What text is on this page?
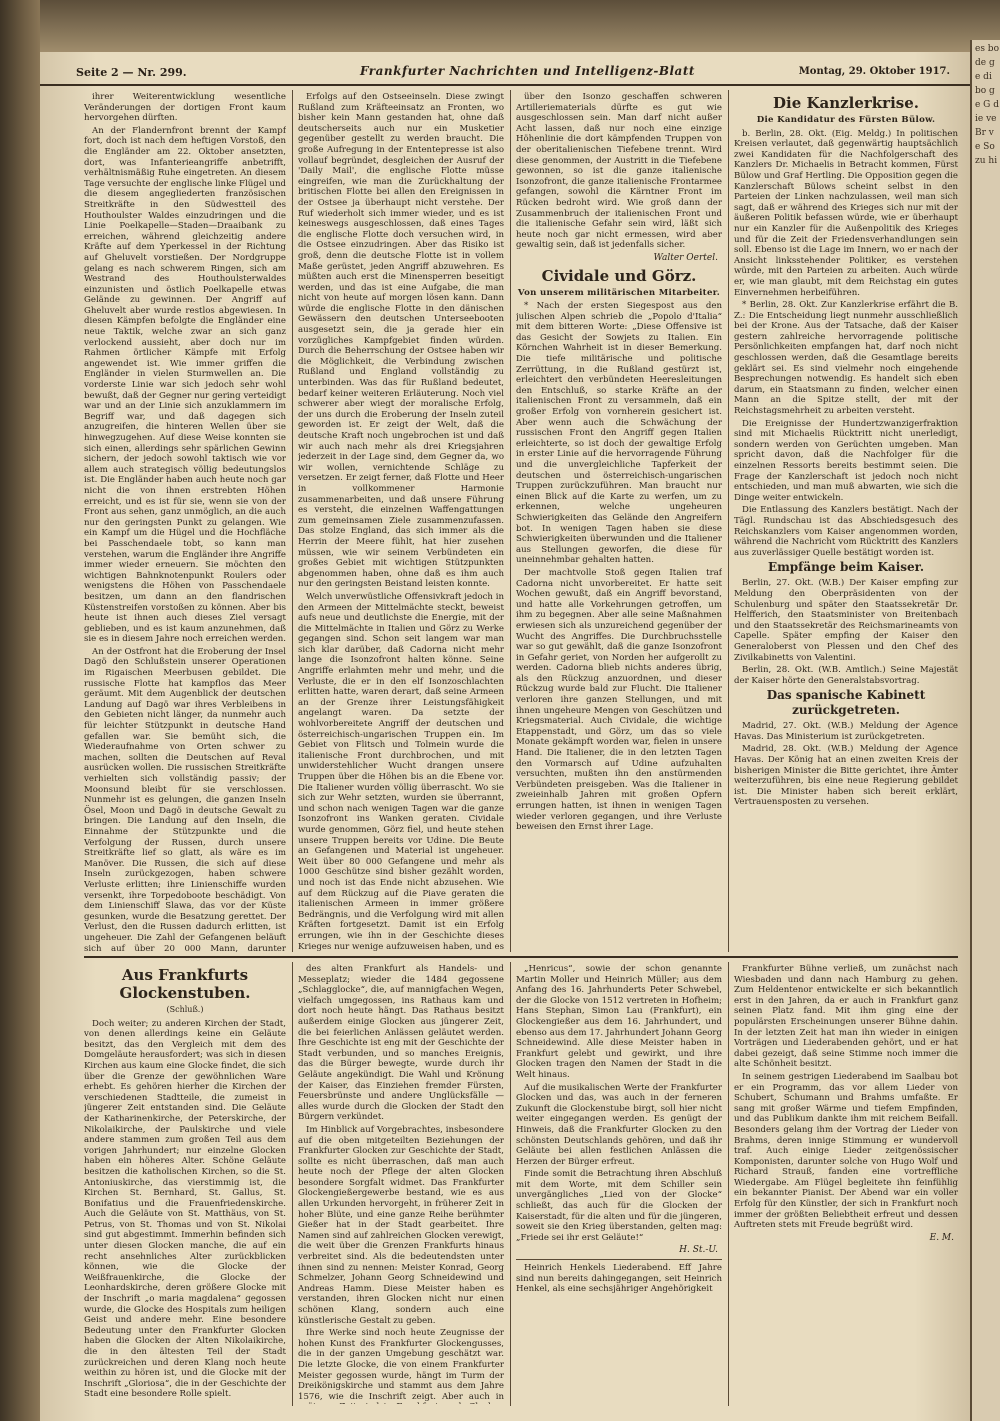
es bo de ge di bo ge G die ve Br ve So zu hi
Seite 2 — Nr. 299.	Frankfurter Nachrichten und Intelligenz-Blatt	Montag, 29. Oktober 1917.

ihrer Weiterentwicklung wesentliche Veränderungen der dortigen Front kaum hervorgehen dürften.

An der Flandernfront brennt der Kampf fort, doch ist nach dem heftigen Vorstoß, den die Engländer am 22. Oktober ansetzten, dort, was Infanterieangriffe anbetrifft, verhältnismäßig Ruhe eingetreten. An diesem Tage versuchte der englische linke Flügel und die diesem angegliederten französischen Streitkräfte in den Südwestteil des Houthoulster Waldes einzudringen und die Linie Poelkapelle—Staden—Draaibank zu erreichen, während gleichzeitig andere Kräfte auf dem Yperkessel in der Richtung auf Gheluvelt vorstießen. Der Nordgruppe gelang es nach schwerem Ringen, sich am Westrand des Houthoulsterwaldes einzunisten und östlich Poelkapelle etwas Gelände zu gewinnen. Der Angriff auf Gheluvelt aber wurde restlos abgewiesen. In diesen Kämpfen befolgte die Engländer eine neue Taktik, welche zwar an sich ganz verlockend aussieht, aber doch nur im Rahmen örtlicher Kämpfe mit Erfolg angewendet ist. Wie immer griffen die Engländer in vielen Sturmwellen an. Die vorderste Linie war sich jedoch sehr wohl bewußt, daß der Gegner nur gering verteidigt war und an der Linie sich anzuklammern im Begriff war, und daß dagegen sich anzugreifen, die hinteren Wellen über sie hinwegzugehen. Auf diese Weise konnten sie sich einen, allerdings sehr spärlichen Gewinn sichern, der jedoch sowohl taktisch wie vor allem auch strategisch völlig bedeutungslos ist. Die Engländer haben auch heute noch gar nicht die von ihnen erstrebten Höhen erreicht, und es ist für sie, wenn sie von der Front aus sehen, ganz unmöglich, an die auch nur den geringsten Punkt zu gelangen. Wie ein Kampf um die Hügel und die Hochfläche bei Passchendaele tobt, so kann man verstehen, warum die Engländer ihre Angriffe immer wieder erneuern. Sie möchten den wichtigen Bahnknotenpunkt Roulers oder wenigstens die Höhen von Passchendaele besitzen, um dann an den flandrischen Küstenstreifen vorstoßen zu können. Aber bis heute ist ihnen auch dieses Ziel versagt geblieben, und es ist kaum anzunehmen, daß sie es in diesem Jahre noch erreichen werden.

An der Ostfront hat die Eroberung der Insel Dagö den Schlußstein unserer Operationen im Rigaischen Meerbusen gebildet. Die russische Flotte hat kampflos das Meer geräumt. Mit dem Augenblick der deutschen Landung auf Dagö war ihres Verbleibens in den Gebieten nicht länger, da nunmehr auch für leichter Stützpunkt in deutsche Hand gefallen war. Sie bemüht sich, die Wiederaufnahme von Orten schwer zu machen, sollten die Deutschen auf Reval ausrücken wollen. Die russischen Streitkräfte verhielten sich vollständig passiv; der Moonsund bleibt für sie verschlossen. Nunmehr ist es gelungen, die ganzen Inseln Ösel, Moon und Dagö in deutsche Gewalt zu bringen. Die Landung auf den Inseln, die Einnahme der Stützpunkte und die Verfolgung der Russen, durch unsere Streitkräfte lief so glatt, als wäre es im Manöver. Die Russen, die sich auf diese Inseln zurückgezogen, haben schwere Verluste erlitten; ihre Linienschiffe wurden versenkt, ihre Torpedoboote beschädigt. Von dem Linienschiff Slawa, das vor der Küste gesunken, wurde die Besatzung gerettet. Der Verlust, den die Russen dadurch erlitten, ist ungeheuer. Die Zahl der Gefangenen beläuft sich auf über 20 000 Mann, darunter

Erfolgs auf den Ostseeinseln. Diese zwingt Rußland zum Kräfteeinsatz an Fronten, wo bisher kein Mann gestanden hat, ohne daß deutscherseits auch nur ein Musketier gegenüber gestellt zu werden braucht. Die große Aufregung in der Ententepresse ist also vollauf begründet, desgleichen der Ausruf der 'Daily Mail', die englische Flotte müsse eingreifen, wie man die Zurückhaltung der britischen Flotte bei allen den Ereignissen in der Ostsee ja überhaupt nicht verstehe. Der Ruf wiederholt sich immer wieder, und es ist keineswegs ausgeschlossen, daß eines Tages die englische Flotte doch versuchen wird, in die Ostsee einzudringen. Aber das Risiko ist groß, denn die deutsche Flotte ist in vollem Maße gerüstet, jeden Angriff abzuwehren. Es müßten auch erst die Minensperren beseitigt werden, und das ist eine Aufgabe, die man nicht von heute auf morgen lösen kann. Dann würde die englische Flotte in den dänischen Gewässern den deutschen Unterseebooten ausgesetzt sein, die ja gerade hier ein vorzügliches Kampfgebiet finden würden. Durch die Beherrschung der Ostsee haben wir die Möglichkeit, die Verbindung zwischen Rußland und England vollständig zu unterbinden. Was das für Rußland bedeutet, bedarf keiner weiteren Erläuterung. Noch viel schwerer aber wiegt der moralische Erfolg, der uns durch die Eroberung der Inseln zuteil geworden ist. Er zeigt der Welt, daß die deutsche Kraft noch ungebrochen ist und daß wir auch nach mehr als drei Kriegsjahren jederzeit in der Lage sind, dem Gegner da, wo wir wollen, vernichtende Schläge zu versetzen. Er zeigt ferner, daß Flotte und Heer in vollkommener Harmonie zusammenarbeiten, und daß unsere Führung es versteht, die einzelnen Waffengattungen zum gemeinsamen Ziele zusammenzufassen. Das stolze England, das sich immer als die Herrin der Meere fühlt, hat hier zusehen müssen, wie wir seinem Verbündeten ein großes Gebiet mit wichtigen Stützpunkten abgenommen haben, ohne daß es ihm auch nur den geringsten Beistand leisten konnte.

Welch unverwüstliche Offensivkraft jedoch in den Armeen der Mittelmächte steckt, beweist aufs neue und deutlichste die Energie, mit der die Mittelmächte in Italien und Görz zu Werke gegangen sind. Schon seit langem war man sich klar darüber, daß Cadorna nicht mehr lange die Isonzofront halten könne. Seine Angriffe erlahmten mehr und mehr, und die Verluste, die er in den elf Isonzoschlachten erlitten hatte, waren derart, daß seine Armeen an der Grenze ihrer Leistungsfähigkeit angelangt waren. Da setzte der wohlvorbereitete Angriff der deutschen und österreichisch-ungarischen Truppen ein. Im Gebiet von Flitsch und Tolmein wurde die italienische Front durchbrochen, und mit unwiderstehlicher Wucht drangen unsere Truppen über die Höhen bis an die Ebene vor. Die Italiener wurden völlig überrascht. Wo sie sich zur Wehr setzten, wurden sie überrannt, und schon nach wenigen Tagen war die ganze Isonzofront ins Wanken geraten. Cividale wurde genommen, Görz fiel, und heute stehen unsere Truppen bereits vor Udine. Die Beute an Gefangenen und Material ist ungeheuer. Weit über 80 000 Gefangene und mehr als 1000 Geschütze sind bisher gezählt worden, und noch ist das Ende nicht abzusehen. Wie auf dem Rückzug auf die Piave geraten die italienischen Armeen in immer größere Bedrängnis, und die Verfolgung wird mit allen Kräften fortgesetzt. Damit ist ein Erfolg errungen, wie ihn in der Geschichte dieses Krieges nur wenige aufzuweisen haben, und es

über den Isonzo geschaffen schweren Artilleriematerials dürfte es gut wie ausgeschlossen sein. Man darf nicht außer Acht lassen, daß nur noch eine einzige Höhenlinie die dort kämpfenden Truppen von der oberitalienischen Tiefebene trennt. Wird diese genommen, der Austritt in die Tiefebene gewonnen, so ist die ganze italienische Isonzofront, die ganze italienische Frontarmee gefangen, sowohl die Kärntner Front im Rücken bedroht wird. Wie groß dann der Zusammenbruch der italienischen Front und die italienische Gefahr sein wird, läßt sich heute noch gar nicht ermessen, wird aber gewaltig sein, daß ist jedenfalls sicher.

Walter Oertel.
Cividale und Görz.
Von unserem militärischen Mitarbeiter.

* Nach der ersten Siegespost aus den julischen Alpen schrieb die „Popolo d'Italia“ mit dem bitteren Worte: „Diese Offensive ist das Gesicht der Sowjets zu Italien. Ein Körnchen Wahrheit ist in dieser Bemerkung. Die tiefe militärische und politische Zerrüttung, in die Rußland gestürzt ist, erleichtert den verbündeten Heeresleitungen den Entschluß, so starke Kräfte an der italienischen Front zu versammeln, daß ein großer Erfolg von vornherein gesichert ist. Aber wenn auch die Schwächung der russischen Front den Angriff gegen Italien erleichterte, so ist doch der gewaltige Erfolg in erster Linie auf die hervorragende Führung und die unvergleichliche Tapferkeit der deutschen und österreichisch-ungarischen Truppen zurückzuführen. Man braucht nur einen Blick auf die Karte zu werfen, um zu erkennen, welche ungeheuren Schwierigkeiten das Gelände den Angreifern bot. In wenigen Tagen haben sie diese Schwierigkeiten überwunden und die Italiener aus Stellungen geworfen, die diese für uneinnehmbar gehalten hatten.

Der machtvolle Stoß gegen Italien traf Cadorna nicht unvorbereitet. Er hatte seit Wochen gewußt, daß ein Angriff bevorstand, und hatte alle Vorkehrungen getroffen, um ihm zu begegnen. Aber alle seine Maßnahmen erwiesen sich als unzureichend gegenüber der Wucht des Angriffes. Die Durchbruchsstelle war so gut gewählt, daß die ganze Isonzofront in Gefahr geriet, von Norden her aufgerollt zu werden. Cadorna blieb nichts anderes übrig, als den Rückzug anzuordnen, und dieser Rückzug wurde bald zur Flucht. Die Italiener verloren ihre ganzen Stellungen, und mit ihnen ungeheure Mengen von Geschützen und Kriegsmaterial. Auch Cividale, die wichtige Etappenstadt, und Görz, um das so viele Monate gekämpft worden war, fielen in unsere Hand. Die Italiener, die in den letzten Tagen den Vormarsch auf Udine aufzuhalten versuchten, mußten ihn den anstürmenden Verbündeten preisgeben. Was die Italiener in zweieinhalb Jahren mit großen Opfern errungen hatten, ist ihnen in wenigen Tagen wieder verloren gegangen, und ihre Verluste beweisen den Ernst ihrer Lage.

Die Kanzlerkrise.
Die Kandidatur des Fürsten Bülow.

b. Berlin, 28. Okt. (Eig. Meldg.) In politischen Kreisen verlautet, daß gegenwärtig hauptsächlich zwei Kandidaten für die Nachfolgerschaft des Kanzlers Dr. Michaelis in Betracht kommen, Fürst Bülow und Graf Hertling. Die Opposition gegen die Kanzlerschaft Bülows scheint selbst in den Parteien der Linken nachzulassen, weil man sich sagt, daß er während des Krieges sich nur mit der äußeren Politik befassen würde, wie er überhaupt nur ein Kanzler für die Außenpolitik des Krieges und für die Zeit der Friedensverhandlungen sein soll. Ebenso ist die Lage im Innern, wo er nach der Ansicht linksstehender Politiker, es verstehen würde, mit den Parteien zu arbeiten. Auch würde er, wie man glaubt, mit dem Reichstag ein gutes Einvernehmen herbeiführen.

* Berlin, 28. Okt. Zur Kanzlerkrise erfährt die B. Z.: Die Entscheidung liegt nunmehr ausschließlich bei der Krone. Aus der Tatsache, daß der Kaiser gestern zahlreiche hervorragende politische Persönlichkeiten empfangen hat, darf noch nicht geschlossen werden, daß die Gesamtlage bereits geklärt sei. Es sind vielmehr noch eingehende Besprechungen notwendig. Es handelt sich eben darum, ein Staatsmann zu finden, welcher einen Mann an die Spitze stellt, der mit der Reichstagsmehrheit zu arbeiten versteht.

Die Ereignisse der Hundertzwanzigerfraktion sind mit Michaelis Rücktritt nicht unerledigt, sondern werden von Gerüchten umgeben. Man spricht davon, daß die Nachfolger für die einzelnen Ressorts bereits bestimmt seien. Die Frage der Kanzlerschaft ist jedoch noch nicht entschieden, und man muß abwarten, wie sich die Dinge weiter entwickeln.

Die Entlassung des Kanzlers bestätigt. Nach der Tägl. Rundschau ist das Abschiedsgesuch des Reichskanzlers vom Kaiser angenommen worden, während die Nachricht vom Rücktritt des Kanzlers aus zuverlässiger Quelle bestätigt worden ist.

Empfänge beim Kaiser.

Berlin, 27. Okt. (W.B.) Der Kaiser empfing zur Meldung den Oberpräsidenten von der Schulenburg und später den Staatssekretär Dr. Helfferich, den Staatsminister von Breitenbach und den Staatssekretär des Reichsmarineamts von Capelle. Später empfing der Kaiser den Generaloberst von Plessen und den Chef des Zivilkabinetts von Valentini.

Berlin, 28. Okt. (W.B. Amtlich.) Seine Majestät der Kaiser hörte den Generalstabsvortrag.

Das spanische Kabinett zurückgetreten.

Madrid, 27. Okt. (W.B.) Meldung der Agence Havas. Das Ministerium ist zurückgetreten.

Madrid, 28. Okt. (W.B.) Meldung der Agence Havas. Der König hat an einen zweiten Kreis der bisherigen Minister die Bitte gerichtet, ihre Ämter weiterzuführen, bis eine neue Regierung gebildet ist. Die Minister haben sich bereit erklärt, Vertrauensposten zu versehen.

Aus Frankfurts Glockenstuben.
(Schluß.)

Doch weiter; zu anderen Kirchen der Stadt, von denen allerdings keine ein Geläute besitzt, das den Vergleich mit dem des Domgeläute herausfordert; was sich in diesen Kirchen aus kaum eine Glocke findet, die sich über die Grenze der gewöhnlichen Ware erhebt. Es gehören hierher die Kirchen der verschiedenen Stadtteile, die zumeist in jüngerer Zeit entstanden sind. Die Geläute der Katharinenkirche, der Peterskirche, der Nikolaikirche, der Paulskirche und viele andere stammen zum großen Teil aus dem vorigen Jahrhundert; nur einzelne Glocken haben ein höheres Alter. Schöne Geläute besitzen die katholischen Kirchen, so die St. Antoniuskirche, das vierstimmig ist, die Kirchen St. Bernhard, St. Gallus, St. Bonifatius und die Frauenfriedenskirche. Auch die Geläute von St. Matthäus, von St. Petrus, von St. Thomas und von St. Nikolai sind gut abgestimmt. Immerhin befinden sich unter diesen Glocken manche, die auf ein recht ansehnliches Alter zurückblicken können, wie die Glocke der Weißfrauenkirche, die Glocke der Leonhardskirche, deren größere Glocke mit der Inschrift „o maria magdalena“ gegossen wurde, die Glocke des Hospitals zum heiligen Geist und andere mehr. Eine besondere Bedeutung unter den Frankfurter Glocken haben die Glocken der Alten Nikolaikirche, die in den ältesten Teil der Stadt zurückreichen und deren Klang noch heute weithin zu hören ist, und die Glocke mit der Inschrift „Gloriosa“, die in der Geschichte der Stadt eine besondere Rolle spielt.

des alten Frankfurt als Handels- und Messeplatz; wieder die 1484 gegossene „Schlagglocke“, die, auf mannigfachen Wegen, vielfach umgegossen, ins Rathaus kam und dort noch heute hängt. Das Rathaus besitzt außerdem einige Glocken aus jüngerer Zeit, die bei feierlichen Anlässen geläutet werden. Ihre Geschichte ist eng mit der Geschichte der Stadt verbunden, und so manches Ereignis, das die Bürger bewegte, wurde durch ihr Geläute angekündigt. Die Wahl und Krönung der Kaiser, das Einziehen fremder Fürsten, Feuersbrünste und andere Unglücksfälle — alles wurde durch die Glocken der Stadt den Bürgern verkündet.

Im Hinblick auf Vorgebrachtes, insbesondere auf die oben mitgeteilten Beziehungen der Frankfurter Glocken zur Geschichte der Stadt, sollte es nicht überraschen, daß man auch heute noch der Pflege der alten Glocken besondere Sorgfalt widmet. Das Frankfurter Glockengießergewerbe bestand, wie es aus allen Urkunden hervorgeht, in früherer Zeit in hoher Blüte, und eine ganze Reihe berühmter Gießer hat in der Stadt gearbeitet. Ihre Namen sind auf zahlreichen Glocken verewigt, die weit über die Grenzen Frankfurts hinaus verbreitet sind. Als die bedeutendsten unter ihnen sind zu nennen: Meister Konrad, Georg Schmelzer, Johann Georg Schneidewind und Andreas Hamm. Diese Meister haben es verstanden, ihren Glocken nicht nur einen schönen Klang, sondern auch eine künstlerische Gestalt zu geben.

Ihre Werke sind noch heute Zeugnisse der hohen Kunst des Frankfurter Glockengusses, die in der ganzen Umgebung geschätzt war. Die letzte Glocke, die von einem Frankfurter Meister gegossen wurde, hängt im Turm der Dreikönigskirche und stammt aus dem Jahre 1576, wie die Inschrift zeigt. Aber auch in

„Henricus“, sowie der schon genannte Martin Moller und Heinrich Müller; aus dem Anfang des 16. Jahrhunderts Peter Schwebel, der die Glocke von 1512 vertreten in Hofheim; Hans Stephan, Simon Lau (Frankfurt), ein Glockengießer aus dem 16. Jahrhundert, und ebenso aus dem 17. Jahrhundert Johann Georg Schneidewind. Alle diese Meister haben in Frankfurt gelebt und gewirkt, und ihre Glocken tragen den Namen der Stadt in die Welt hinaus.

Auf die musikalischen Werte der Frankfurter Glocken und das, was auch in der ferneren Zukunft die Glockenstube birgt, soll hier nicht weiter eingegangen werden. Es genügt der Hinweis, daß die Frankfurter Glocken zu den schönsten Deutschlands gehören, und daß ihr Geläute bei allen festlichen Anlässen die Herzen der Bürger erfreut.

Finde somit die Betrachtung ihren Abschluß mit dem Worte, mit dem Schiller sein unvergängliches „Lied von der Glocke“ schließt, das auch für die Glocken der Kaiserstadt, für die alten und für die jüngeren, soweit sie den Krieg überstanden, gelten mag: „Friede sei ihr erst Geläute!“

H. St.-U.

Heinrich Henkels Liederabend. Eff Jahre sind nun bereits dahingegangen, seit Heinrich Henkel, als eine sechsjähriger Angehörigkeit

Frankfurter Bühne verließ, um zunächst nach Wiesbaden und dann nach Hamburg zu gehen. Zum Heldentenor entwickelte er sich bekanntlich erst in den Jahren, da er auch in Frankfurt ganz seinen Platz fand. Mit ihm ging eine der populärsten Erscheinungen unserer Bühne dahin. In der letzten Zeit hat man ihn wieder in einigen Vorträgen und Liederabenden gehört, und er hat dabei gezeigt, daß seine Stimme noch immer die alte Schönheit besitzt.

In seinem gestrigen Liederabend im Saalbau bot er ein Programm, das vor allem Lieder von Schubert, Schumann und Brahms umfaßte. Er sang mit großer Wärme und tiefem Empfinden, und das Publikum dankte ihm mit reichem Beifall. Besonders gelang ihm der Vortrag der Lieder von Brahms, deren innige Stimmung er wundervoll traf. Auch einige Lieder zeitgenössischer Komponisten, darunter solche von Hugo Wolf und Richard Strauß, fanden eine vortreffliche Wiedergabe. Am Flügel begleitete ihn feinfühlig ein bekannter Pianist. Der Abend war ein voller Erfolg für den Künstler, der sich in Frankfurt noch immer der größten Beliebtheit erfreut und dessen Auftreten stets mit Freude begrüßt wird.

E. M.
